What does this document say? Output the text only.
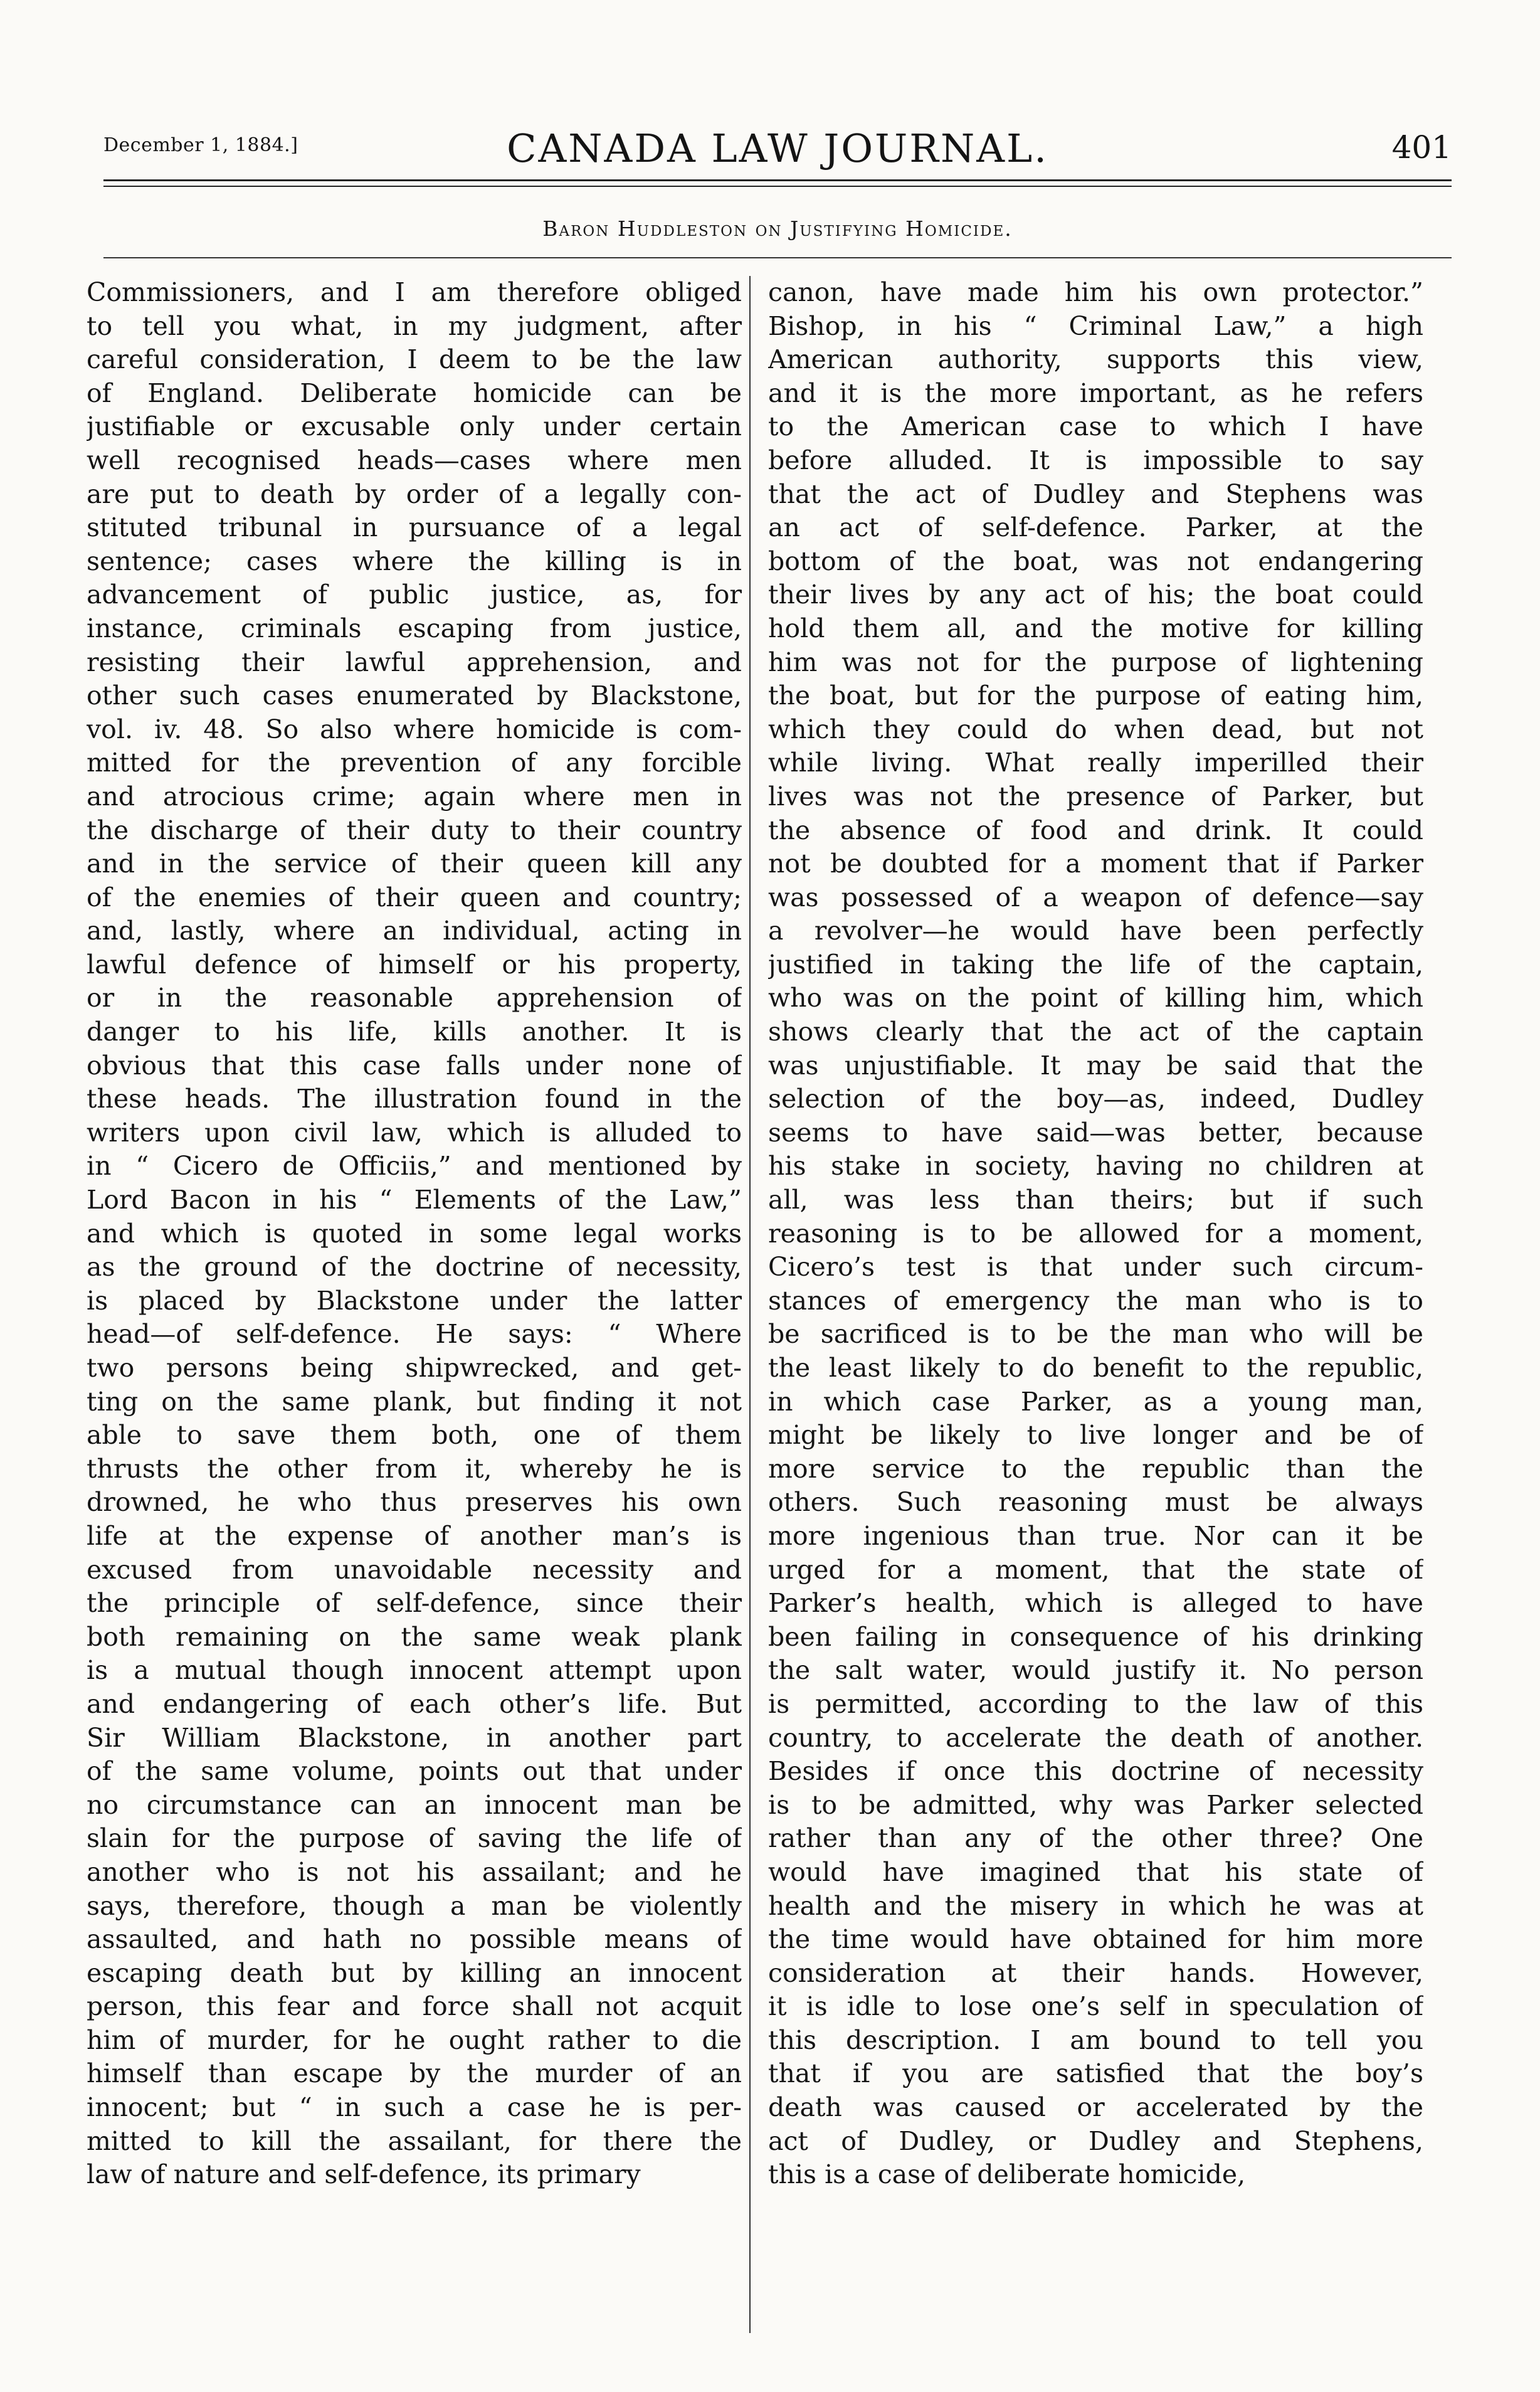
December 1, 1884.]	CANADA LAW JOURNAL.	401
Baron Huddleston on Justifying Homicide.
Commissioners, and I am therefore obliged
to tell you what, in my judgment, after
careful consideration, I deem to be the law
of England. Deliberate homicide can be
justifiable or excusable only under certain
well recognised heads—cases where men
are put to death by order of a legally con-
stituted tribunal in pursuance of a legal
sentence; cases where the killing is in
advancement of public justice, as, for
instance, criminals escaping from justice,
resisting their lawful apprehension, and
other such cases enumerated by Blackstone,
vol. iv. 48. So also where homicide is com-
mitted for the prevention of any forcible
and atrocious crime; again where men in
the discharge of their duty to their country
and in the service of their queen kill any
of the enemies of their queen and country;
and, lastly, where an individual, acting in
lawful defence of himself or his property,
or in the reasonable apprehension of
danger to his life, kills another. It is
obvious that this case falls under none of
these heads. The illustration found in the
writers upon civil law, which is alluded to
in “ Cicero de Officiis,” and mentioned by
Lord Bacon in his “ Elements of the Law,”
and which is quoted in some legal works
as the ground of the doctrine of necessity,
is placed by Blackstone under the latter
head—of self-defence. He says: “ Where
two persons being shipwrecked, and get-
ting on the same plank, but finding it not
able to save them both, one of them
thrusts the other from it, whereby he is
drowned, he who thus preserves his own
life at the expense of another man’s is
excused from unavoidable necessity and
the principle of self-defence, since their
both remaining on the same weak plank
is a mutual though innocent attempt upon
and endangering of each other’s life. But
Sir William Blackstone, in another part
of the same volume, points out that under
no circumstance can an innocent man be
slain for the purpose of saving the life of
another who is not his assailant; and he
says, therefore, though a man be violently
assaulted, and hath no possible means of
escaping death but by killing an innocent
person, this fear and force shall not acquit
him of murder, for he ought rather to die
himself than escape by the murder of an
innocent; but “ in such a case he is per-
mitted to kill the assailant, for there the
law of nature and self-defence, its primary
canon, have made him his own protector.”
Bishop, in his “ Criminal Law,” a high
American authority, supports this view,
and it is the more important, as he refers
to the American case to which I have
before alluded. It is impossible to say
that the act of Dudley and Stephens was
an act of self-defence. Parker, at the
bottom of the boat, was not endangering
their lives by any act of his; the boat could
hold them all, and the motive for killing
him was not for the purpose of lightening
the boat, but for the purpose of eating him,
which they could do when dead, but not
while living. What really imperilled their
lives was not the presence of Parker, but
the absence of food and drink. It could
not be doubted for a moment that if Parker
was possessed of a weapon of defence—say
a revolver—he would have been perfectly
justified in taking the life of the captain,
who was on the point of killing him, which
shows clearly that the act of the captain
was unjustifiable. It may be said that the
selection of the boy—as, indeed, Dudley
seems to have said—was better, because
his stake in society, having no children at
all, was less than theirs; but if such
reasoning is to be allowed for a moment,
Cicero’s test is that under such circum-
stances of emergency the man who is to
be sacrificed is to be the man who will be
the least likely to do benefit to the republic,
in which case Parker, as a young man,
might be likely to live longer and be of
more service to the republic than the
others. Such reasoning must be always
more ingenious than true. Nor can it be
urged for a moment, that the state of
Parker’s health, which is alleged to have
been failing in consequence of his drinking
the salt water, would justify it. No person
is permitted, according to the law of this
country, to accelerate the death of another.
Besides if once this doctrine of necessity
is to be admitted, why was Parker selected
rather than any of the other three? One
would have imagined that his state of
health and the misery in which he was at
the time would have obtained for him more
consideration at their hands. However,
it is idle to lose one’s self in speculation of
this description. I am bound to tell you
that if you are satisfied that the boy’s
death was caused or accelerated by the
act of Dudley, or Dudley and Stephens,
this is a case of deliberate homicide,
